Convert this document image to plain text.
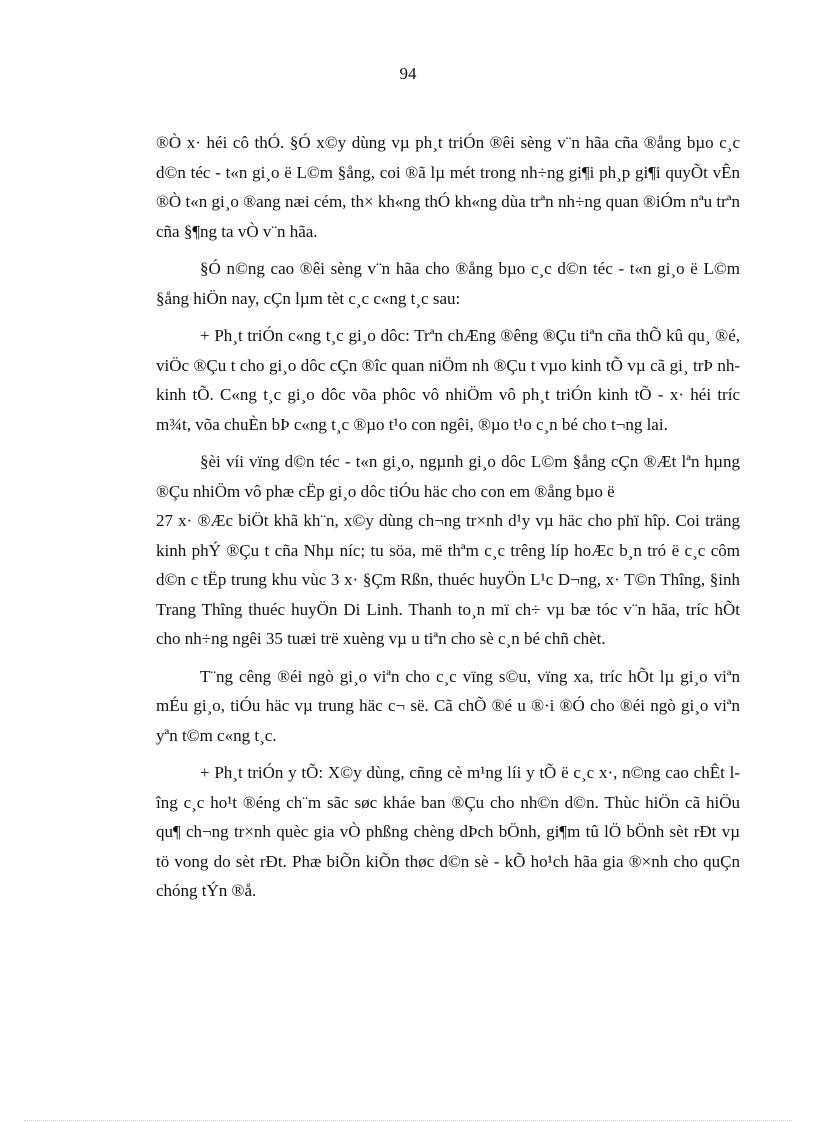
94

®Ò x· héi cô thÓ. §Ó x©y dùng vµ ph¸t triÓn ®êi sèng v¨n hãa cña ®ång bµo c¸c d©n téc - t«n gi¸o ë L©m §ång, coi ®ã lµ mét trong nh÷ng gi¶i ph¸p gi¶i quyÕt vÊn ®Ò t«n gi¸o ®ang næi cém, th× kh«ng thÓ kh«ng dùa trªn nh÷ng quan ®iÓm nªu trªn cña §¶ng ta vÒ v¨n hãa.

§Ó n©ng cao ®êi sèng v¨n hãa cho ®ång bµo c¸c d©n téc - t«n gi¸o ë L©m §ång hiÖn nay, cÇn lµm tèt c¸c c«ng t¸c sau:

+ Ph¸t triÓn c«ng t¸c gi¸o dôc: Trªn chÆng ®êng ®Çu tiªn cña thÕ kû qu¸ ®é, viÖc ®Çu t cho gi¸o dôc cÇn ®îc quan niÖm nh ®Çu t vµo kinh tÕ vµ cã gi¸ trÞ nh kinh tÕ. C«ng t¸c gi¸o dôc võa phôc vô nhiÖm vô ph¸t triÓn kinh tÕ - x· héi tríc m¾t, võa chuÈn bÞ c«ng t¸c ®µo t¹o con ngêi, ®µo t¹o c¸n bé cho t¬ng lai.

§èi víi vïng d©n téc - t«n gi¸o, ngµnh gi¸o dôc L©m §ång cÇn ®Æt lªn hµng ®Çu nhiÖm vô phæ cËp gi¸o dôc tiÓu häc cho con em ®ång bµo ë

27 x· ®Æc biÖt khã kh¨n, x©y dùng ch¬ng tr×nh d¹y vµ häc cho phï hîp. Coi träng kinh phÝ ®Çu t cña Nhµ níc; tu söa, më thªm c¸c trêng líp hoÆc b¸n tró ë c¸c côm d©n c tËp trung khu vùc 3 x· §Çm Rßn, thuéc huyÖn L¹c D¬ng, x· T©n Thîng, §inh Trang Thîng thuéc huyÖn Di Linh. Thanh to¸n mï ch÷ vµ bæ tóc v¨n hãa, tríc hÕt cho nh÷ng ngêi 35 tuæi trë xuèng vµ u tiªn cho sè c¸n bé chñ chèt.

T¨ng cêng ®éi ngò gi¸o viªn cho c¸c vïng s©u, vïng xa, tríc hÕt lµ gi¸o viªn mÉu gi¸o, tiÓu häc vµ trung häc c¬ së. Cã chÕ ®é u ®·i ®Ó cho ®éi ngò gi¸o viªn yªn t©m c«ng t¸c.

+ Ph¸t triÓn y tÕ: X©y dùng, cñng cè m¹ng líi y tÕ ë c¸c x·, n©ng cao chÊt lîng c¸c ho¹t ®éng ch¨m sãc søc kháe ban ®Çu cho nh©n d©n. Thùc hiÖn cã hiÖu qu¶ ch¬ng tr×nh quèc gia vÒ phßng chèng dÞch bÖnh, gi¶m tû lÖ bÖnh sèt rÐt vµ tö vong do sèt rÐt. Phæ biÕn kiÕn thøc d©n sè - kÕ ho¹ch hãa gia ®×nh cho quÇn chóng tÝn ®å.
